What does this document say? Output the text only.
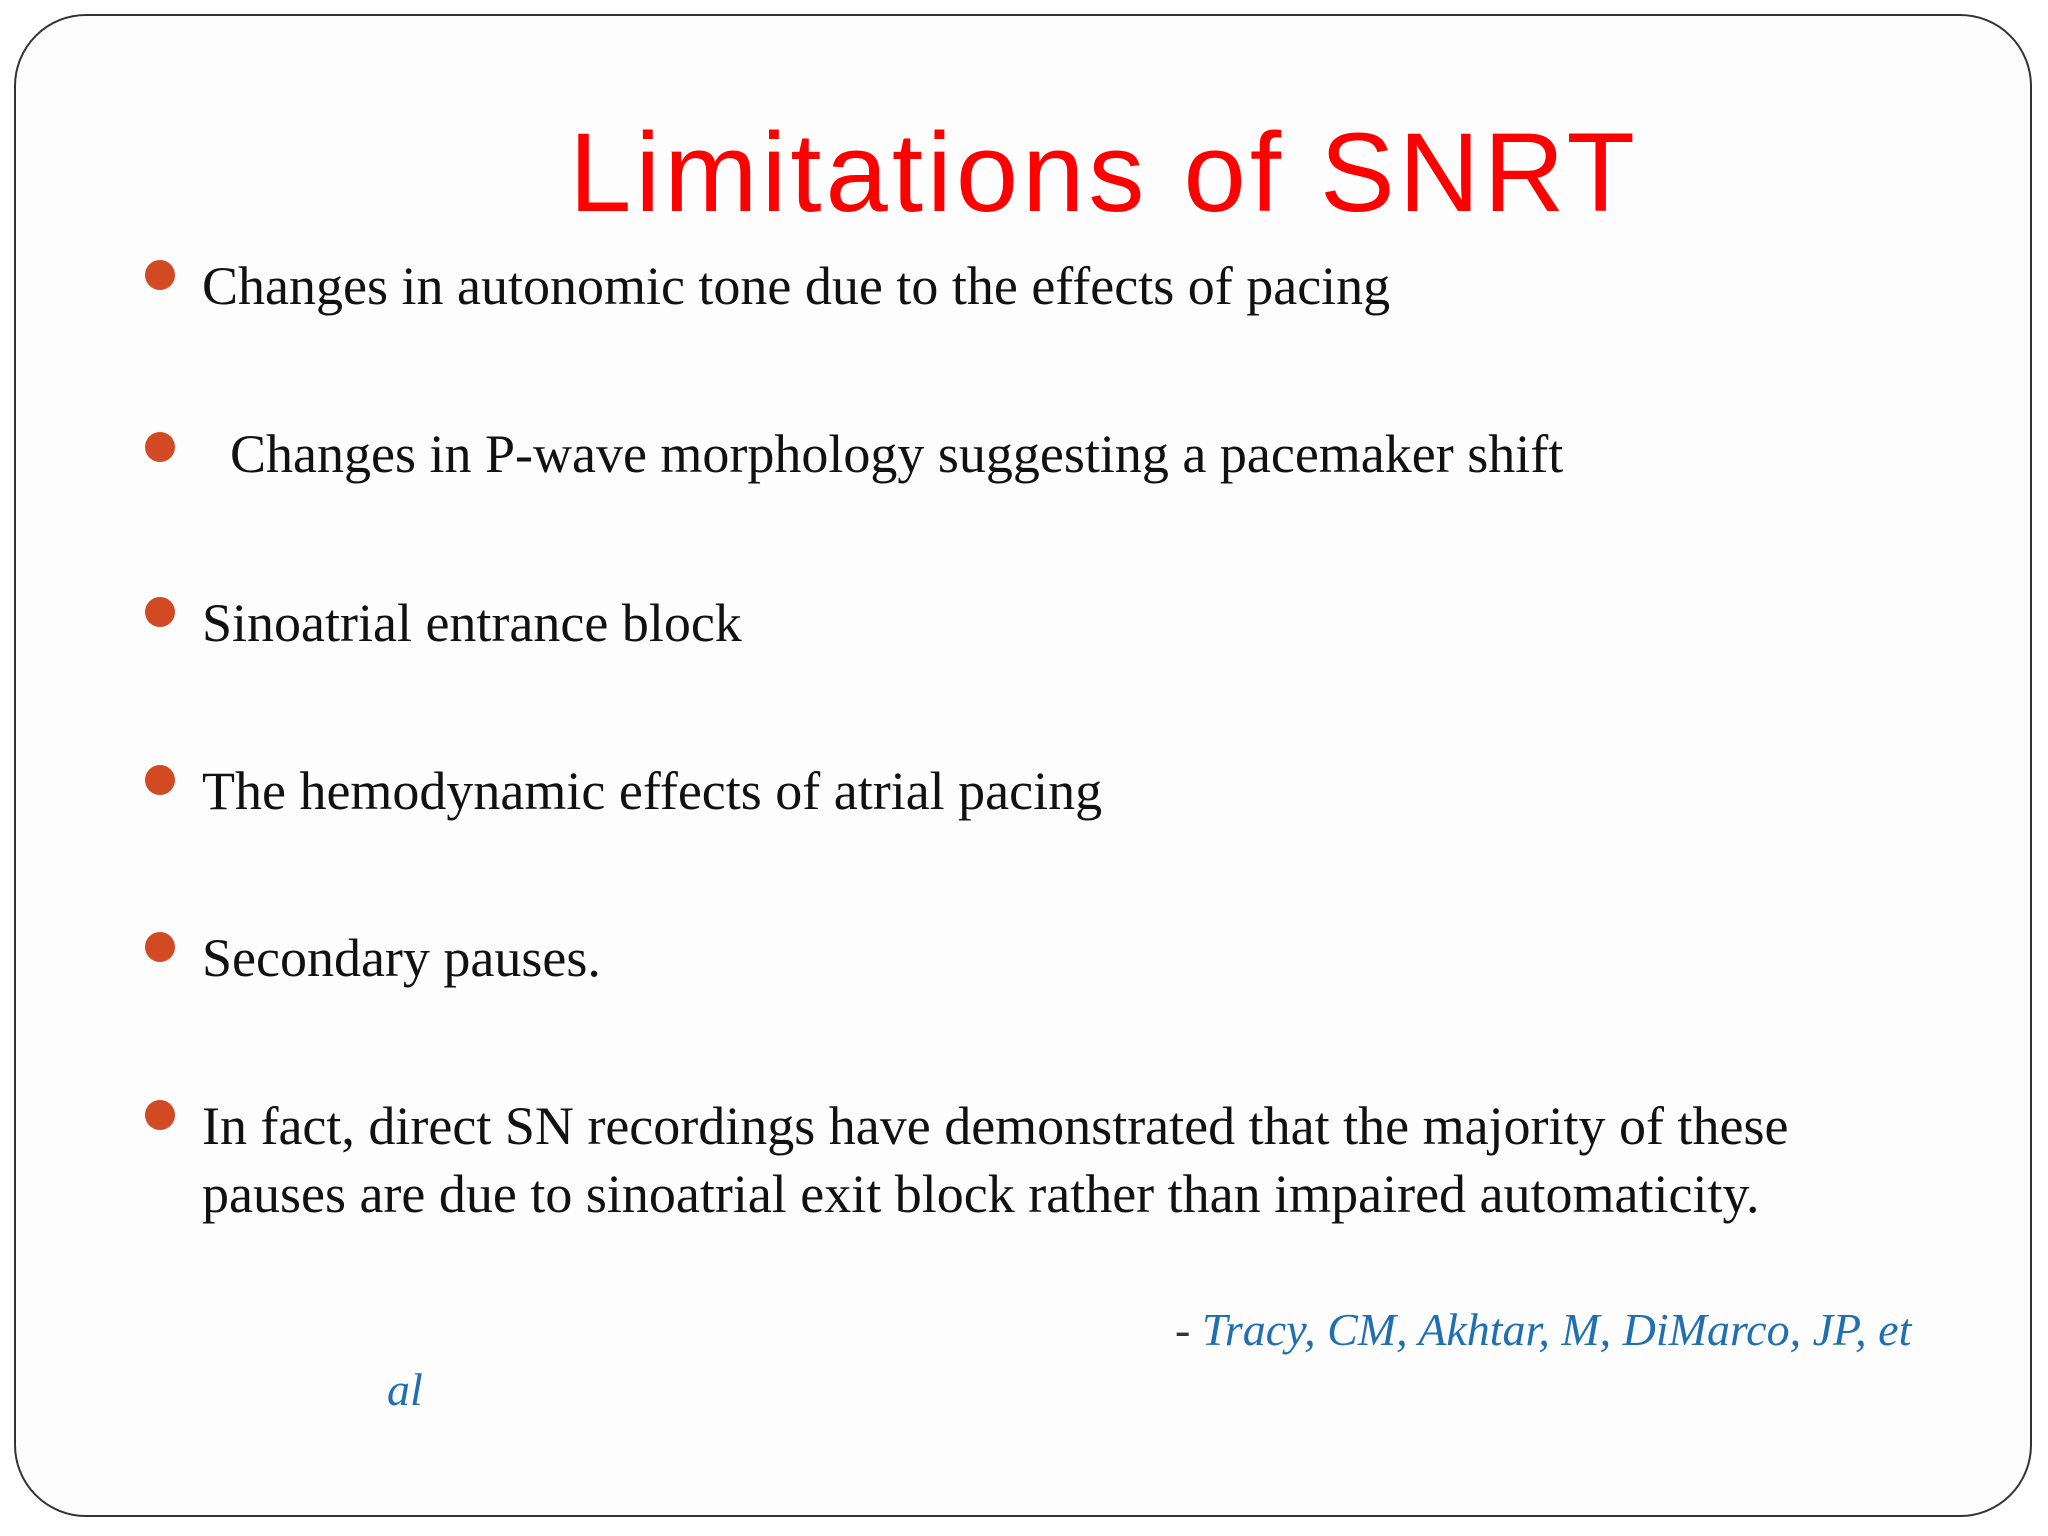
Limitations of SNRT
Changes in autonomic tone due to the effects of pacing
Changes in P-wave morphology suggesting a pacemaker shift
Sinoatrial entrance block
The hemodynamic effects of atrial pacing
Secondary pauses.
In fact, direct SN recordings have demonstrated that the majority of these pauses are due to sinoatrial exit block rather than impaired automaticity.
- Tracy, CM, Akhtar, M, DiMarco, JP, et
al
